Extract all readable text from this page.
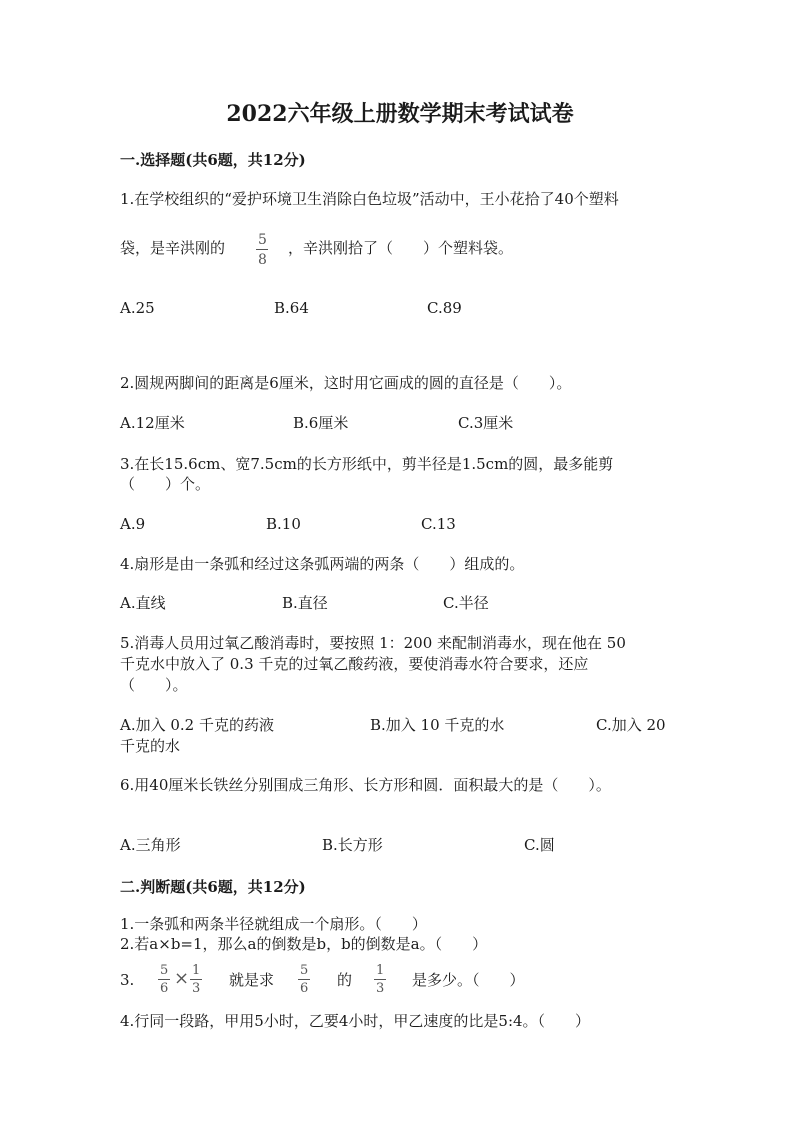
2022六年级上册数学期末考试试卷
一.选择题(共6题，共12分)
1.在学校组织的“爱护环境卫生消除白色垃圾”活动中，王小花拾了40个塑料
袋，是辛洪刚的 5
8
，辛洪刚拾了（　　）个塑料袋。
A.25	B.64	C.89
2.圆规两脚间的距离是6厘米，这时用它画成的圆的直径是（　　）。
A.12厘米	B.6厘米	C.3厘米
3.在长15.6cm、宽7.5cm的长方形纸中，剪半径是1.5cm的圆，最多能剪
（　　）个。
A.9	B.10	C.13
4.扇形是由一条弧和经过这条弧两端的两条（　　）组成的。
A.直线	B.直径	C.半径
5.消毒人员用过氧乙酸消毒时，要按照 1：200 来配制消毒水，现在他在 50
千克水中放入了 0.3 千克的过氧乙酸药液，要使消毒水符合要求，还应
（　　）。
A.加入 0.2 千克的药液	B.加入 10 千克的水	C.加入 20
千克的水
6.用40厘米长铁丝分别围成三角形、长方形和圆．面积最大的是（　　）。
A.三角形	B.长方形	C.圆
二.判断题(共6题，共12分)
1.一条弧和两条半径就组成一个扇形。（　　）
2.若a×b=1，那么a的倒数是b，b的倒数是a。（　　）
3.
5
6 × 1
3 就是求
5
6 的
1
3 是多少。（　　）
4.行同一段路，甲用5小时，乙要4小时，甲乙速度的比是5:4。（　　）
